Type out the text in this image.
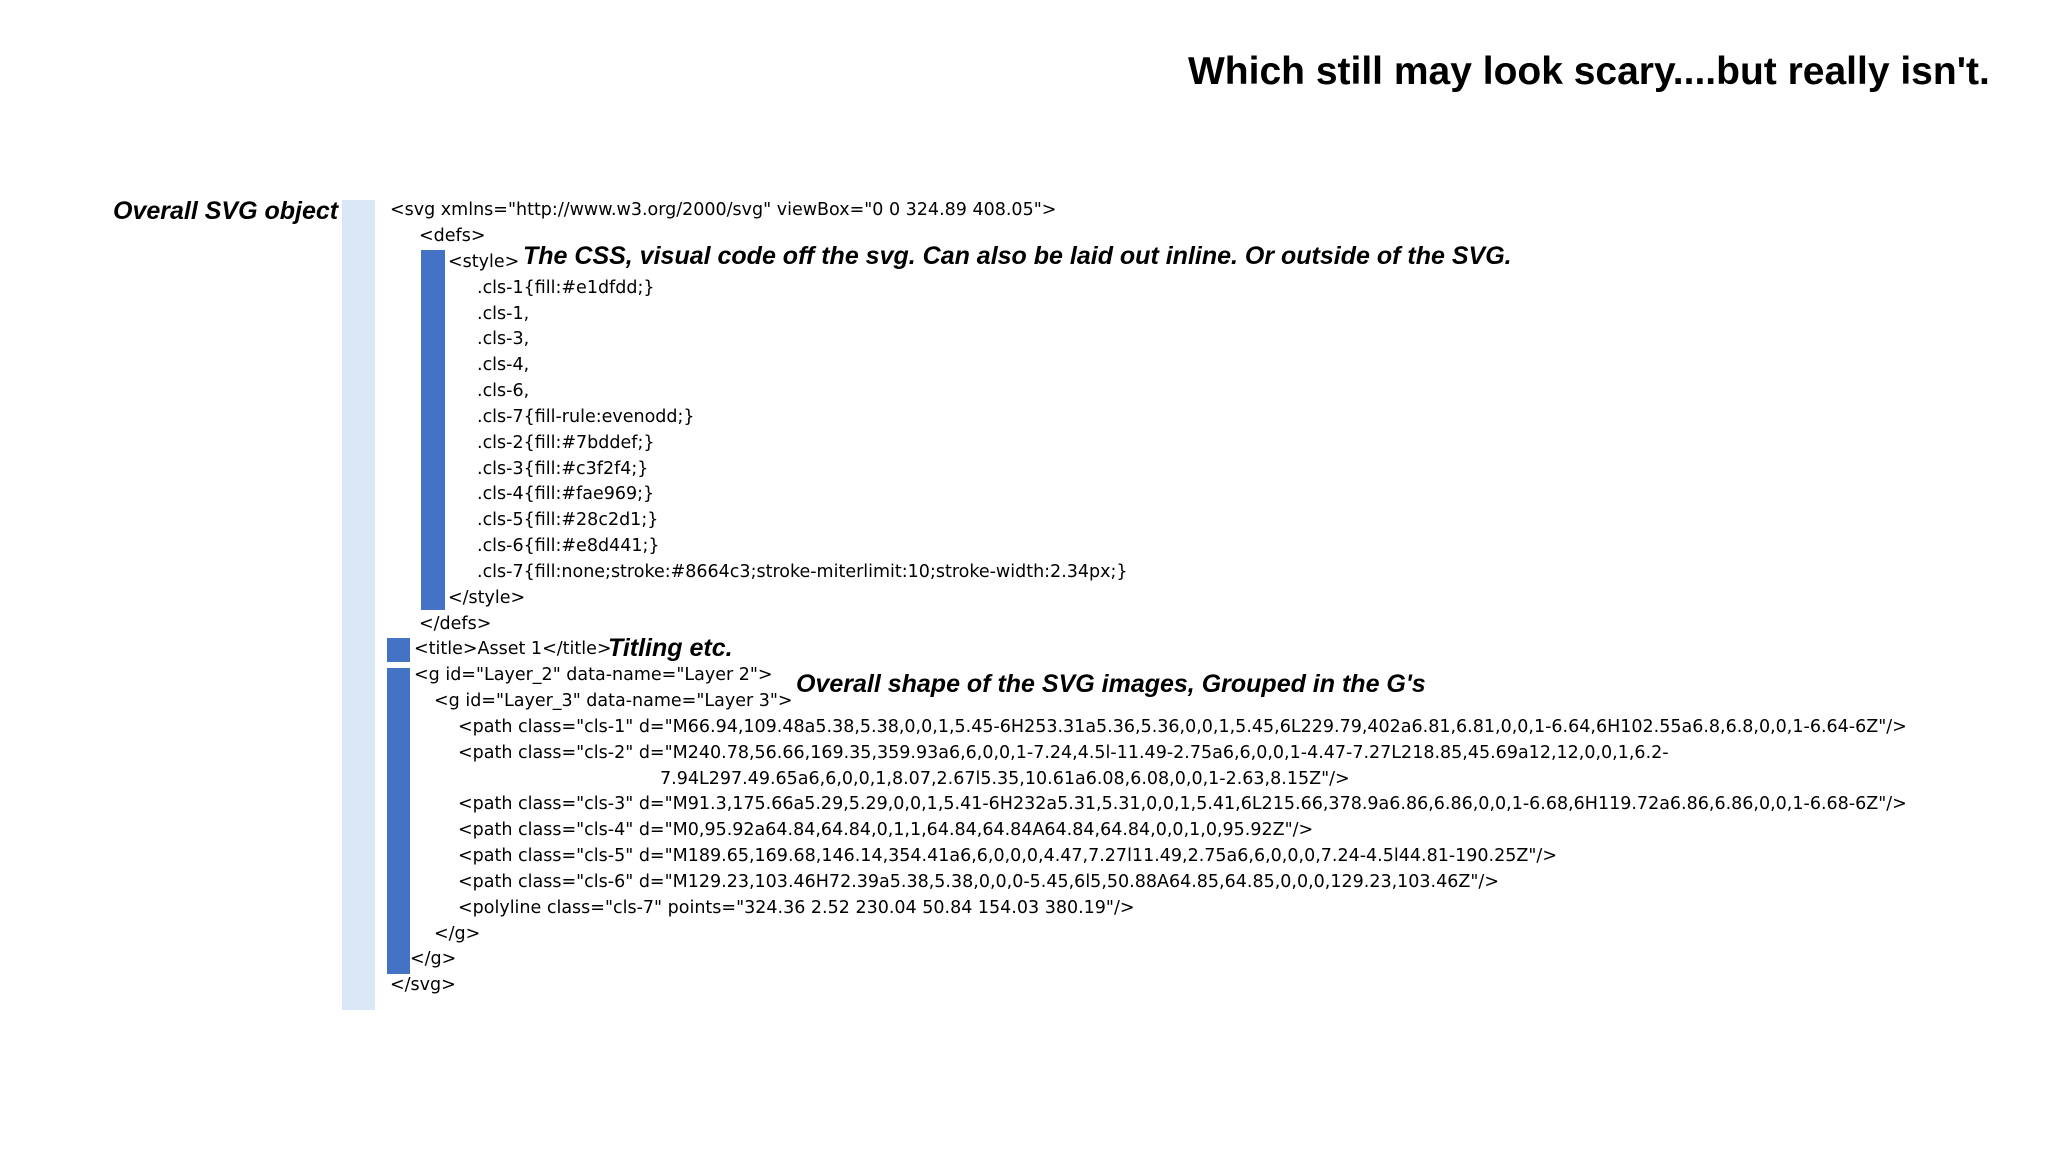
Which still may look scary....but really isn't.
Overall SVG object
The CSS, visual code off the svg. Can also be laid out inline. Or outside of the SVG.
Titling etc.
Overall shape of the SVG images, Grouped in the G's
<svg xmlns="http://www.w3.org/2000/svg" viewBox="0 0 324.89 408.05">
<defs>
<style>
.cls-1{fill:#e1dfdd;}
.cls-1,
.cls-3,
.cls-4,
.cls-6,
.cls-7{fill-rule:evenodd;}
.cls-2{fill:#7bddef;}
.cls-3{fill:#c3f2f4;}
.cls-4{fill:#fae969;}
.cls-5{fill:#28c2d1;}
.cls-6{fill:#e8d441;}
.cls-7{fill:none;stroke:#8664c3;stroke-miterlimit:10;stroke-width:2.34px;}
</style>
</defs>
<title>Asset 1</title>
<g id="Layer_2" data-name="Layer 2">
<g id="Layer_3" data-name="Layer 3">
<path class="cls-1" d="M66.94,109.48a5.38,5.38,0,0,1,5.45-6H253.31a5.36,5.36,0,0,1,5.45,6L229.79,402a6.81,6.81,0,0,1-6.64,6H102.55a6.8,6.8,0,0,1-6.64-6Z"/>
<path class="cls-2" d="M240.78,56.66,169.35,359.93a6,6,0,0,1-7.24,4.5l-11.49-2.75a6,6,0,0,1-4.47-7.27L218.85,45.69a12,12,0,0,1,6.2-
7.94L297.49.65a6,6,0,0,1,8.07,2.67l5.35,10.61a6.08,6.08,0,0,1-2.63,8.15Z"/>
<path class="cls-3" d="M91.3,175.66a5.29,5.29,0,0,1,5.41-6H232a5.31,5.31,0,0,1,5.41,6L215.66,378.9a6.86,6.86,0,0,1-6.68,6H119.72a6.86,6.86,0,0,1-6.68-6Z"/>
<path class="cls-4" d="M0,95.92a64.84,64.84,0,1,1,64.84,64.84A64.84,64.84,0,0,1,0,95.92Z"/>
<path class="cls-5" d="M189.65,169.68,146.14,354.41a6,6,0,0,0,4.47,7.27l11.49,2.75a6,6,0,0,0,7.24-4.5l44.81-190.25Z"/>
<path class="cls-6" d="M129.23,103.46H72.39a5.38,5.38,0,0,0-5.45,6l5,50.88A64.85,64.85,0,0,0,129.23,103.46Z"/>
<polyline class="cls-7" points="324.36 2.52 230.04 50.84 154.03 380.19"/>
</g>
</g>
</svg>
